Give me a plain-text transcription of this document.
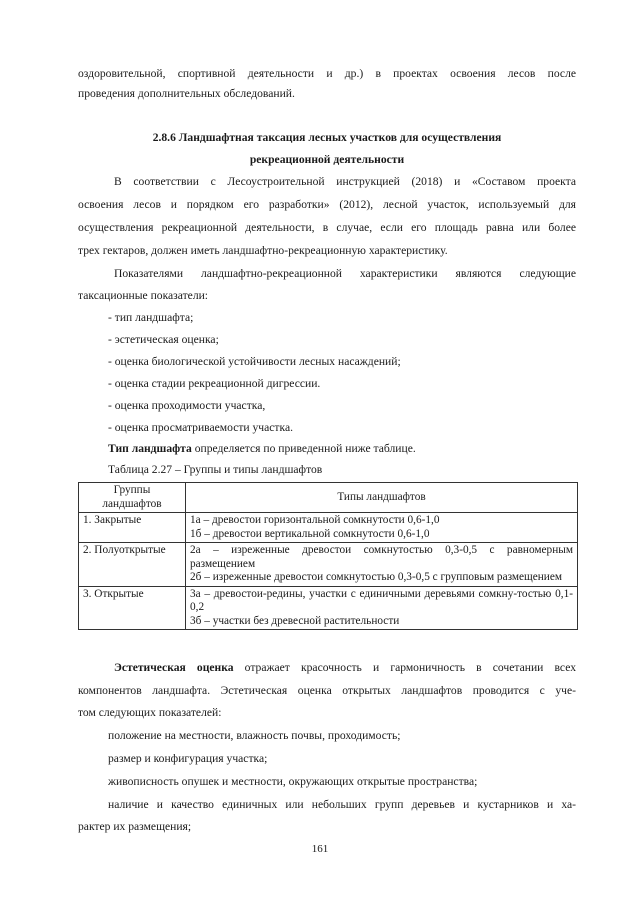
оздоровительной, спортивной деятельности и др.) в проектах освоения лесов после
проведения дополнительных обследований.
2.8.6 Ландшафтная таксация лесных участков для осуществления
рекреационной деятельности
В соответствии с Лесоустроительной инструкцией (2018) и «Составом проекта
освоения лесов и порядком его разработки» (2012), лесной участок, используемый для
осуществления рекреационной деятельности, в случае, если его площадь равна или более
трех гектаров, должен иметь ландшафтно-рекреационную характеристику.
Показателями ландшафтно-рекреационной характеристики являются следующие
таксационные показатели:
- тип ландшафта;
- эстетическая оценка;
- оценка биологической устойчивости лесных насаждений;
- оценка стадии рекреационной дигрессии.
- оценка проходимости участка,
- оценка просматриваемости участка.
Тип ландшафта определяется по приведенной ниже таблице.
Таблица 2.27 – Группы и типы ландшафтов
Группы
ландшафтов	Типы ландшафтов
1. Закрытые	1а – древостои горизонтальной сомкнутости 0,6-1,0
1б – древостои вертикальной сомкнутости 0,6-1,0

2. Полуоткрытые	2а – изреженные древостои сомкнутостью 0,3-0,5 с равномерным размещением
2б – изреженные древостои сомкнутостью 0,3-0,5 с групповым размещением

3. Открытые	3а – древостои-редины, участки с единичными деревьями сомкну-тостью 0,1-0,2
3б – участки без древесной растительности
Эстетическая оценка отражает красочность и гармоничность в сочетании всех
компонентов ландшафта. Эстетическая оценка открытых ландшафтов проводится с уче-
том следующих показателей:
положение на местности, влажность почвы, проходимость;
размер и конфигурация участка;
живописность опушек и местности, окружающих открытые пространства;
наличие и качество единичных или небольших групп деревьев и кустарников и ха-
рактер их размещения;
161
